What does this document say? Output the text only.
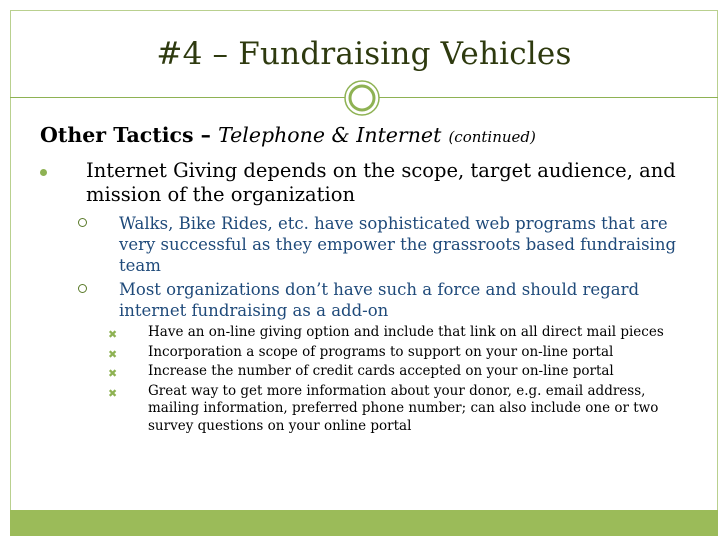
#4 – Fundraising Vehicles
Other Tactics – Telephone & Internet (continued)
Internet Giving depends on the scope, target audience, and mission of the organization
Walks, Bike Rides, etc. have sophisticated web programs that are very successful as they empower the grassroots based fundraising team
Most organizations don’t have such a force and should regard internet fundraising as a add-on
✖ Have an on-line giving option and include that link on all direct mail pieces
✖ Incorporation a scope of programs to support on your on-line portal
✖ Increase the number of credit cards accepted on your on-line portal
✖ Great way to get more information about your donor, e.g. email address, mailing information, preferred phone number; can also include one or two survey questions on your online portal
